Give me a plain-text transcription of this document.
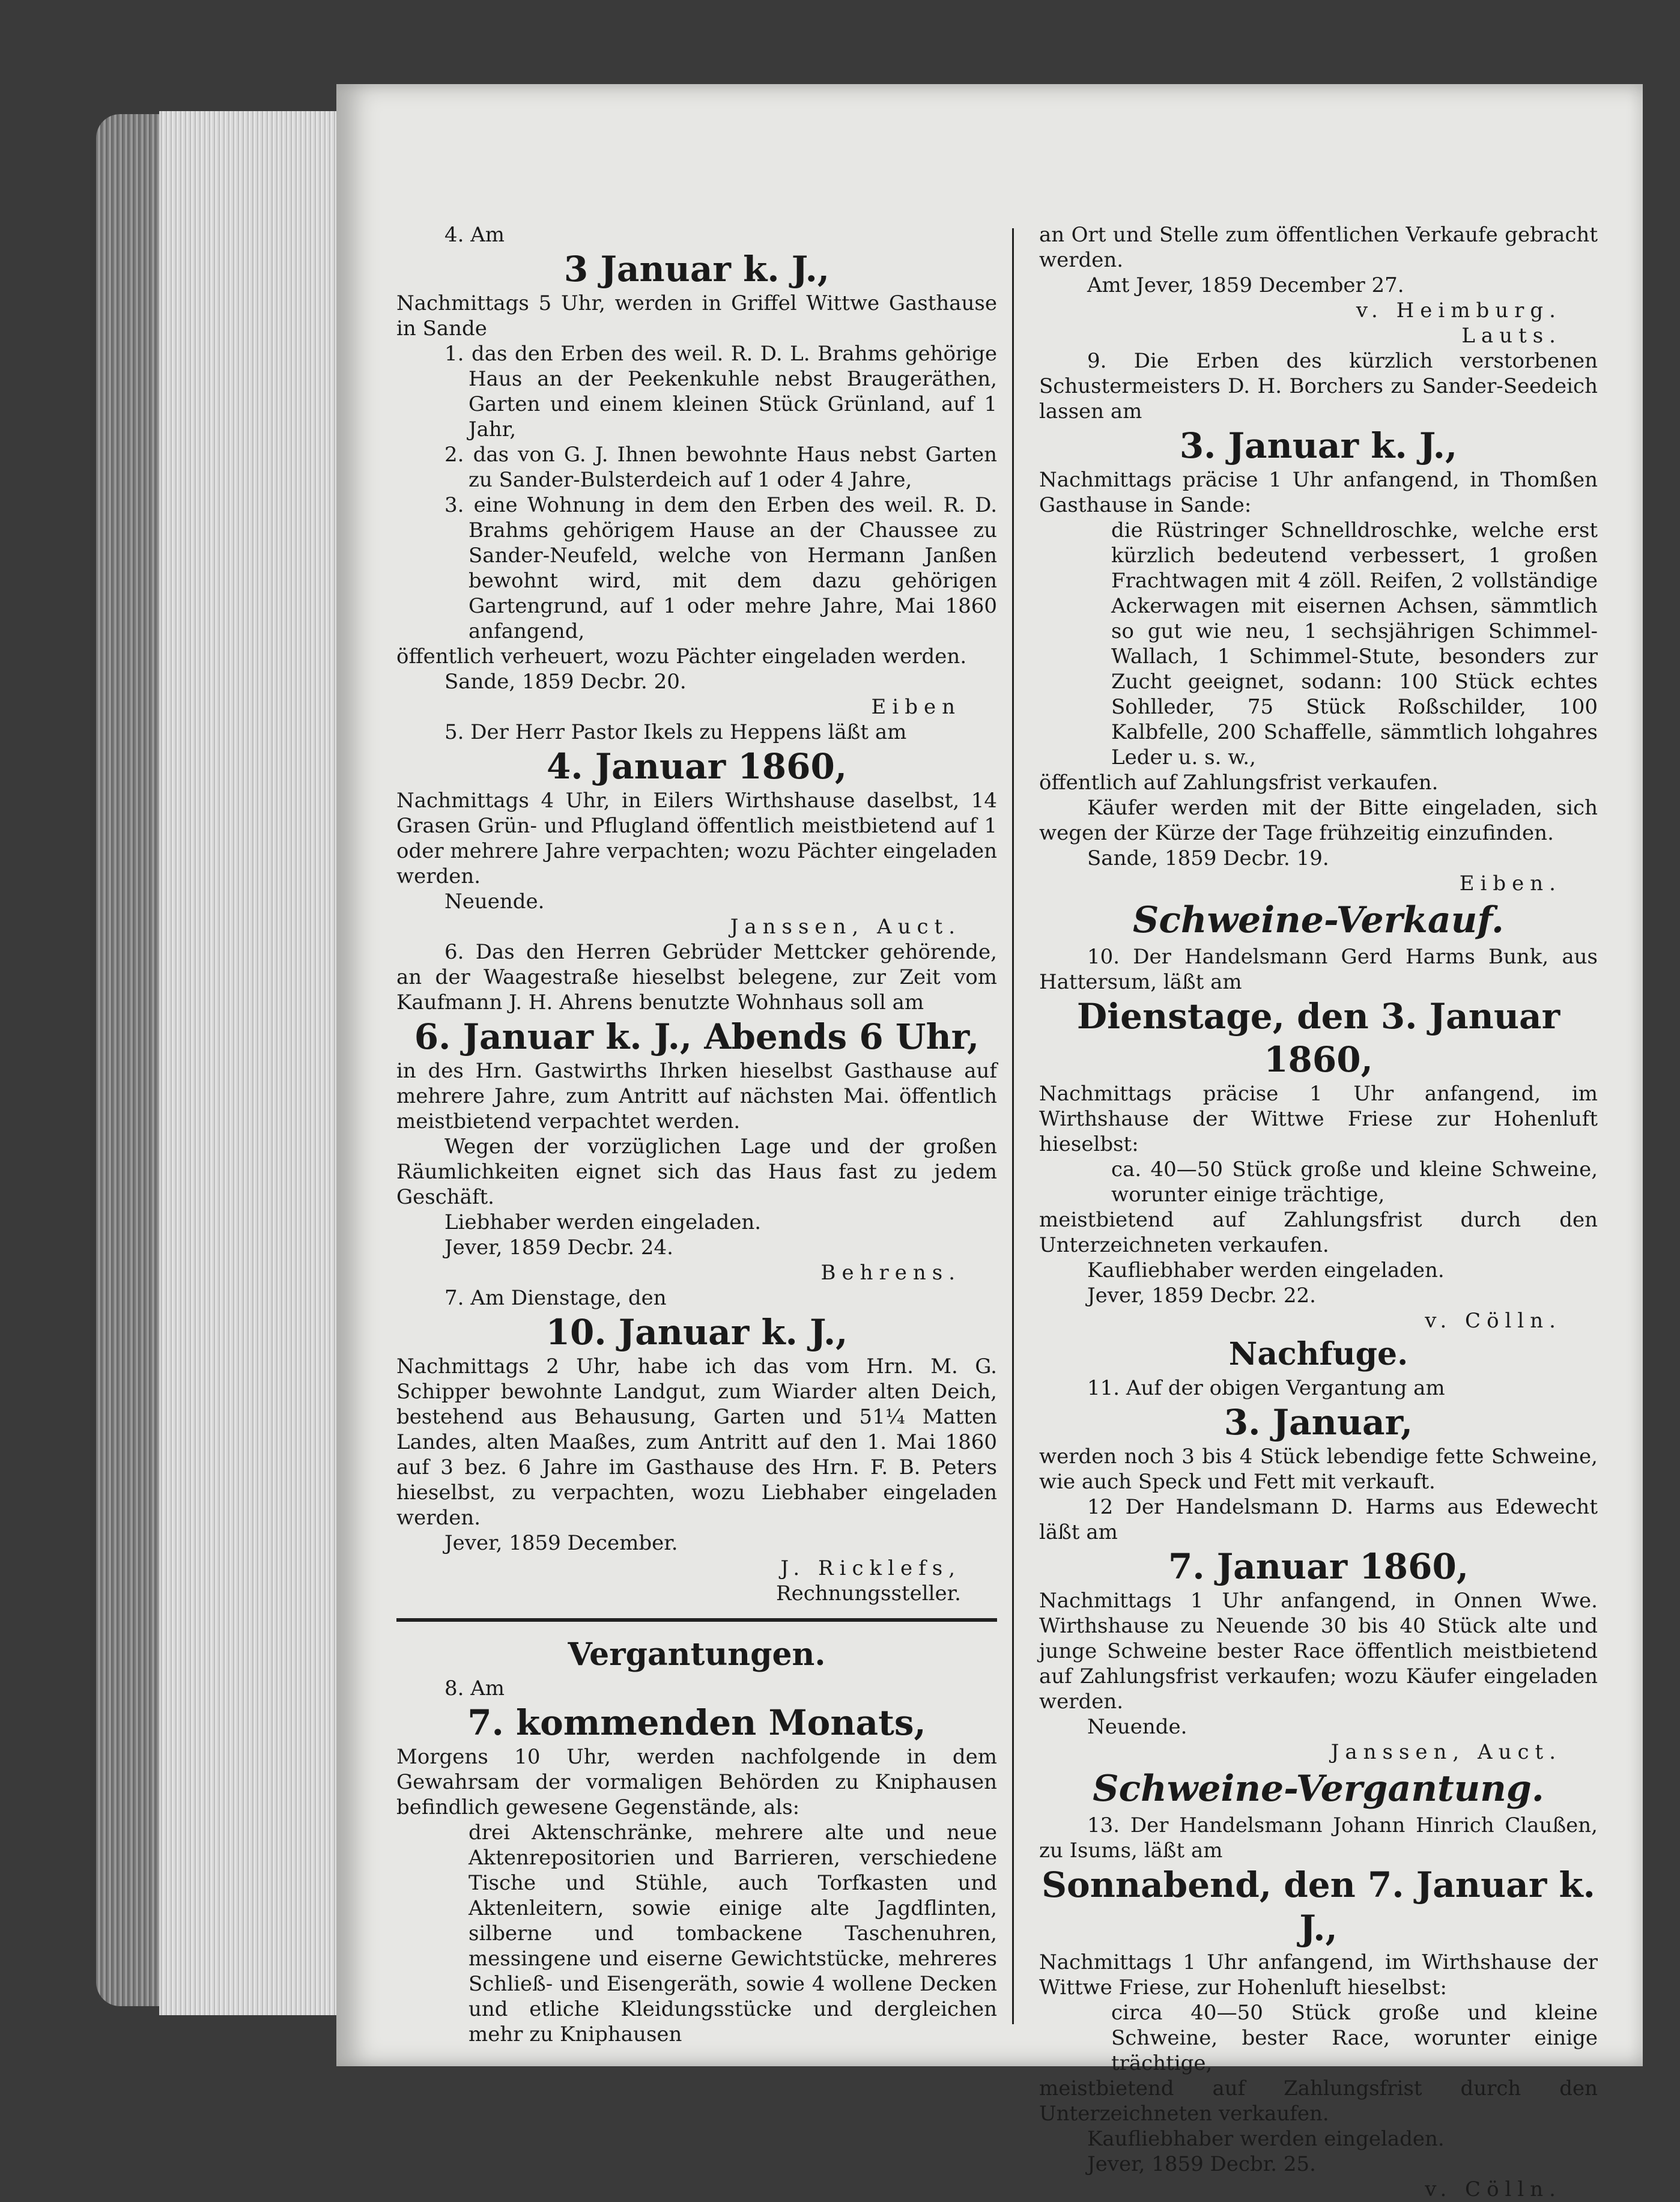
4. Am
3 Januar k. J.,
Nachmittags 5 Uhr, werden in Griffel Wittwe Gasthause in Sande
1. das den Erben des weil. R. D. L. Brahms gehörige Haus an der Peekenkuhle nebst Braugeräthen, Garten und einem kleinen Stück Grünland, auf 1 Jahr,
2. das von G. J. Ihnen bewohnte Haus nebst Garten zu Sander-Bulsterdeich auf 1 oder 4 Jahre,
3. eine Wohnung in dem den Erben des weil. R. D. Brahms gehörigem Hause an der Chaussee zu Sander-Neufeld, welche von Hermann Janßen bewohnt wird, mit dem dazu gehörigen Gartengrund, auf 1 oder mehre Jahre, Mai 1860 anfangend,
öffentlich verheuert, wozu Pächter eingeladen werden.
Sande, 1859 Decbr. 20.
Eiben
5. Der Herr Pastor Ikels zu Heppens läßt am
4. Januar 1860,
Nachmittags 4 Uhr, in Eilers Wirthshause daselbst, 14 Grasen Grün- und Pflugland öffentlich meistbietend auf 1 oder mehrere Jahre verpachten; wozu Pächter eingeladen werden.
Neuende.
Janssen, Auct.
6. Das den Herren Gebrüder Mettcker gehörende, an der Waagestraße hieselbst belegene, zur Zeit vom Kaufmann J. H. Ahrens benutzte Wohnhaus soll am
6. Januar k. J., Abends 6 Uhr,
in des Hrn. Gastwirths Ihrken hieselbst Gasthause auf mehrere Jahre, zum Antritt auf nächsten Mai. öffentlich meistbietend verpachtet werden.
Wegen der vorzüglichen Lage und der großen Räumlichkeiten eignet sich das Haus fast zu jedem Geschäft.
Liebhaber werden eingeladen.
Jever, 1859 Decbr. 24.
Behrens.
7. Am Dienstage, den
10. Januar k. J.,
Nachmittags 2 Uhr, habe ich das vom Hrn. M. G. Schipper bewohnte Landgut, zum Wiarder alten Deich, bestehend aus Behausung, Garten und 51¼ Matten Landes, alten Maaßes, zum Antritt auf den 1. Mai 1860 auf 3 bez. 6 Jahre im Gasthause des Hrn. F. B. Peters hieselbst, zu verpachten, wozu Liebhaber eingeladen werden.
Jever, 1859 December.
J. Ricklefs,
Rechnungssteller.
Vergantungen.
8. Am
7. kommenden Monats,
Morgens 10 Uhr, werden nachfolgende in dem Gewahrsam der vormaligen Behörden zu Kniphausen befindlich gewesene Gegenstände, als:
drei Aktenschränke, mehrere alte und neue Aktenrepositorien und Barrieren, verschiedene Tische und Stühle, auch Torfkasten und Aktenleitern, sowie einige alte Jagdflinten, silberne und tombackene Taschenuhren, messingene und eiserne Gewichtstücke, mehreres Schließ- und Eisengeräth, sowie 4 wollene Decken und etliche Kleidungsstücke und dergleichen mehr zu Kniphausen
an Ort und Stelle zum öffentlichen Verkaufe gebracht werden.
Amt Jever, 1859 December 27.
v. Heimburg.
Lauts.
9. Die Erben des kürzlich verstorbenen Schustermeisters D. H. Borchers zu Sander-Seedeich lassen am
3. Januar k. J.,
Nachmittags präcise 1 Uhr anfangend, in Thomßen Gasthause in Sande:
die Rüstringer Schnelldroschke, welche erst kürzlich bedeutend verbessert, 1 großen Frachtwagen mit 4 zöll. Reifen, 2 vollständige Ackerwagen mit eisernen Achsen, sämmtlich so gut wie neu, 1 sechsjährigen Schimmel-Wallach, 1 Schimmel-Stute, besonders zur Zucht geeignet, sodann: 100 Stück echtes Sohlleder, 75 Stück Roßschilder, 100 Kalbfelle, 200 Schaffelle, sämmtlich lohgahres Leder u. s. w.,
öffentlich auf Zahlungsfrist verkaufen.
Käufer werden mit der Bitte eingeladen, sich wegen der Kürze der Tage frühzeitig einzufinden.
Sande, 1859 Decbr. 19.
Eiben.
Schweine-Verkauf.
10. Der Handelsmann Gerd Harms Bunk, aus Hattersum, läßt am
Dienstage, den 3. Januar 1860,
Nachmittags präcise 1 Uhr anfangend, im Wirthshause der Wittwe Friese zur Hohenluft hieselbst:
ca. 40—50 Stück große und kleine Schweine, worunter einige trächtige,
meistbietend auf Zahlungsfrist durch den Unterzeichneten verkaufen.
Kaufliebhaber werden eingeladen.
Jever, 1859 Decbr. 22.
v. Cölln.
Nachfuge.
11. Auf der obigen Vergantung am
3. Januar,
werden noch 3 bis 4 Stück lebendige fette Schweine, wie auch Speck und Fett mit verkauft.
12 Der Handelsmann D. Harms aus Edewecht läßt am
7. Januar 1860,
Nachmittags 1 Uhr anfangend, in Onnen Wwe. Wirthshause zu Neuende 30 bis 40 Stück alte und junge Schweine bester Race öffentlich meistbietend auf Zahlungsfrist verkaufen; wozu Käufer eingeladen werden.
Neuende.
Janssen, Auct.
Schweine-Vergantung.
13. Der Handelsmann Johann Hinrich Claußen, zu Isums, läßt am
Sonnabend, den 7. Januar k. J.,
Nachmittags 1 Uhr anfangend, im Wirthshause der Wittwe Friese, zur Hohenluft hieselbst:
circa 40—50 Stück große und kleine Schweine, bester Race, worunter einige trächtige,
meistbietend auf Zahlungsfrist durch den Unterzeichneten verkaufen.
Kaufliebhaber werden eingeladen.
Jever, 1859 Decbr. 25.
v. Cölln.
